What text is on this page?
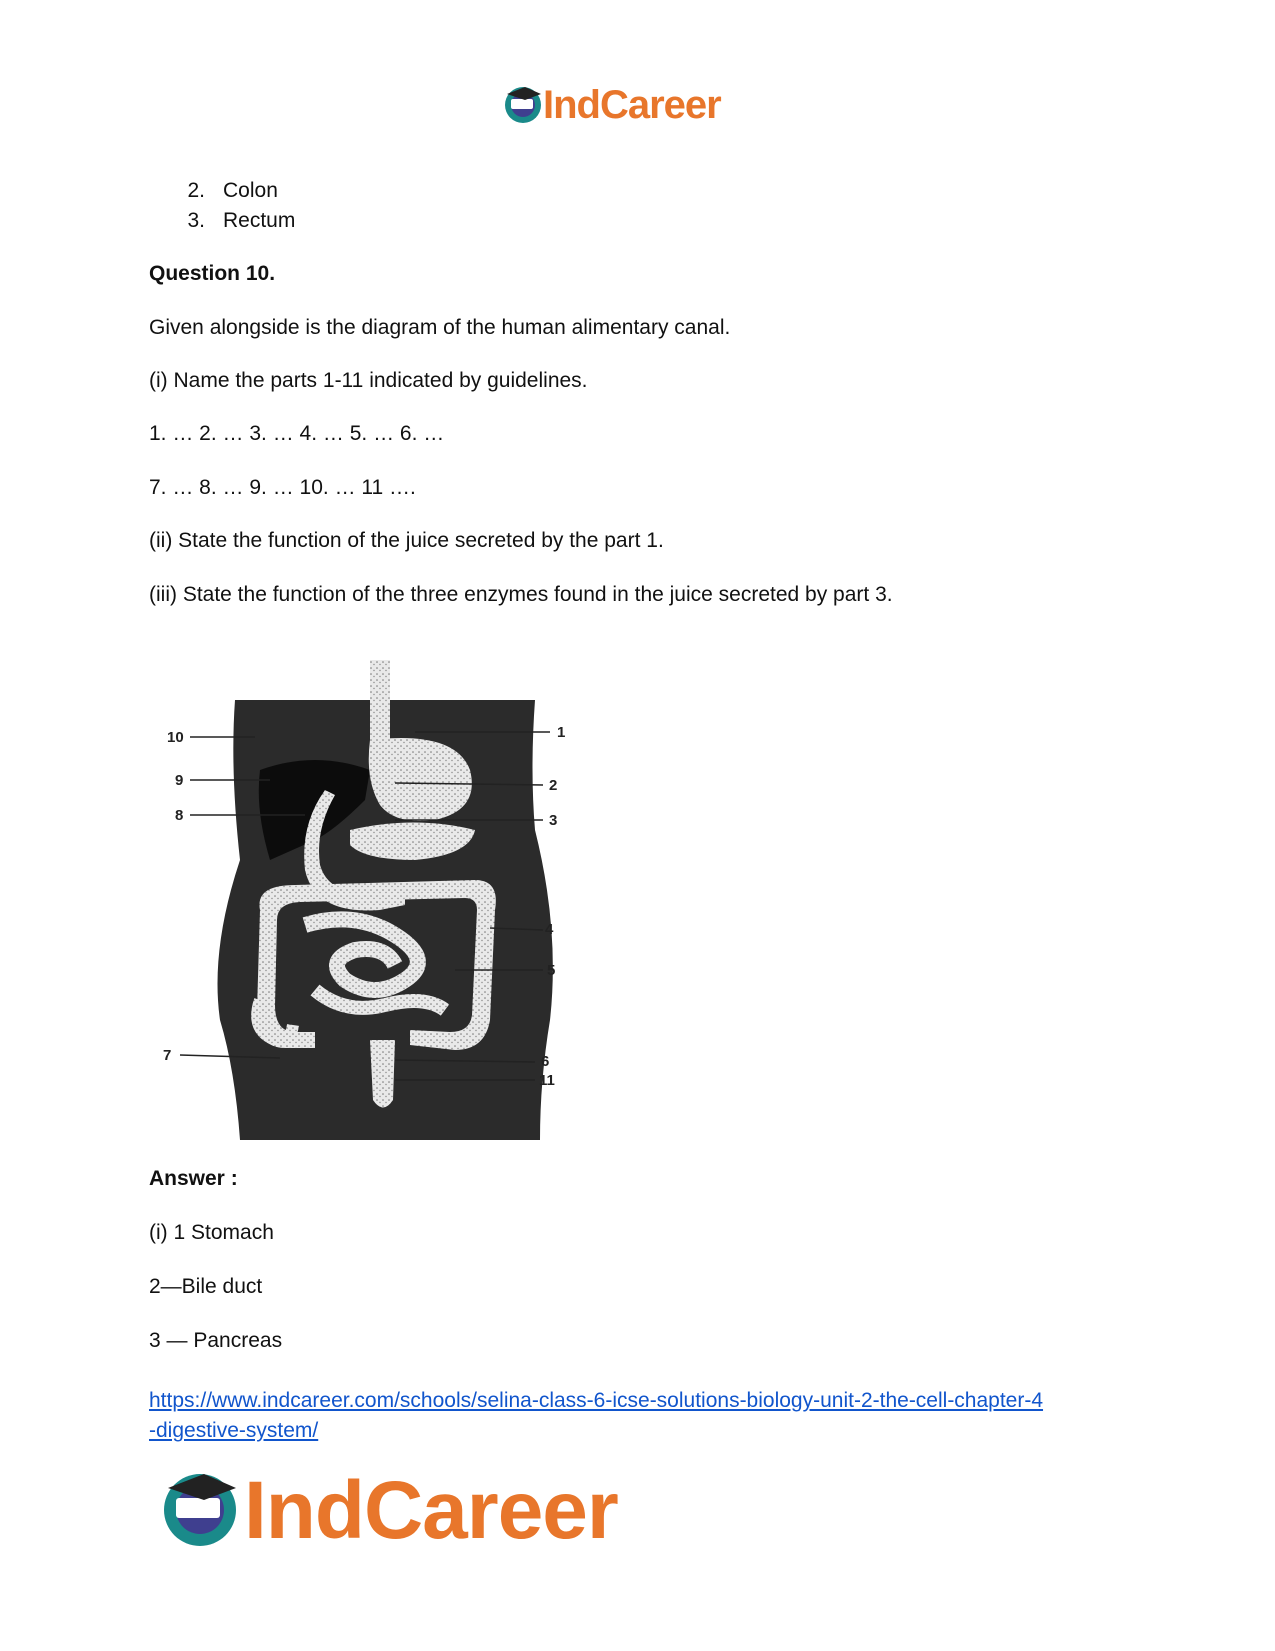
IndCareer
2. Colon
3. Rectum

Question 10.

Given alongside is the diagram of the human alimentary canal.

(i) Name the parts 1-11 indicated by guidelines.

1. … 2. … 3. … 4. … 5. … 6. …

7. … 8. … 9. … 10. … 11 ….

(ii) State the function of the juice secreted by the part 1.

(iii) State the function of the three enzymes found in the juice secreted by part 3.

1
2
3
4
5
6
7
8
9
10
11

Answer :

(i) 1 Stomach

2—Bile duct

3 — Pancreas

https://www.indcareer.com/schools/selina-class-6-icse-solutions-biology-unit-2-the-cell-chapter-4
-digestive-system/
IndCareer
